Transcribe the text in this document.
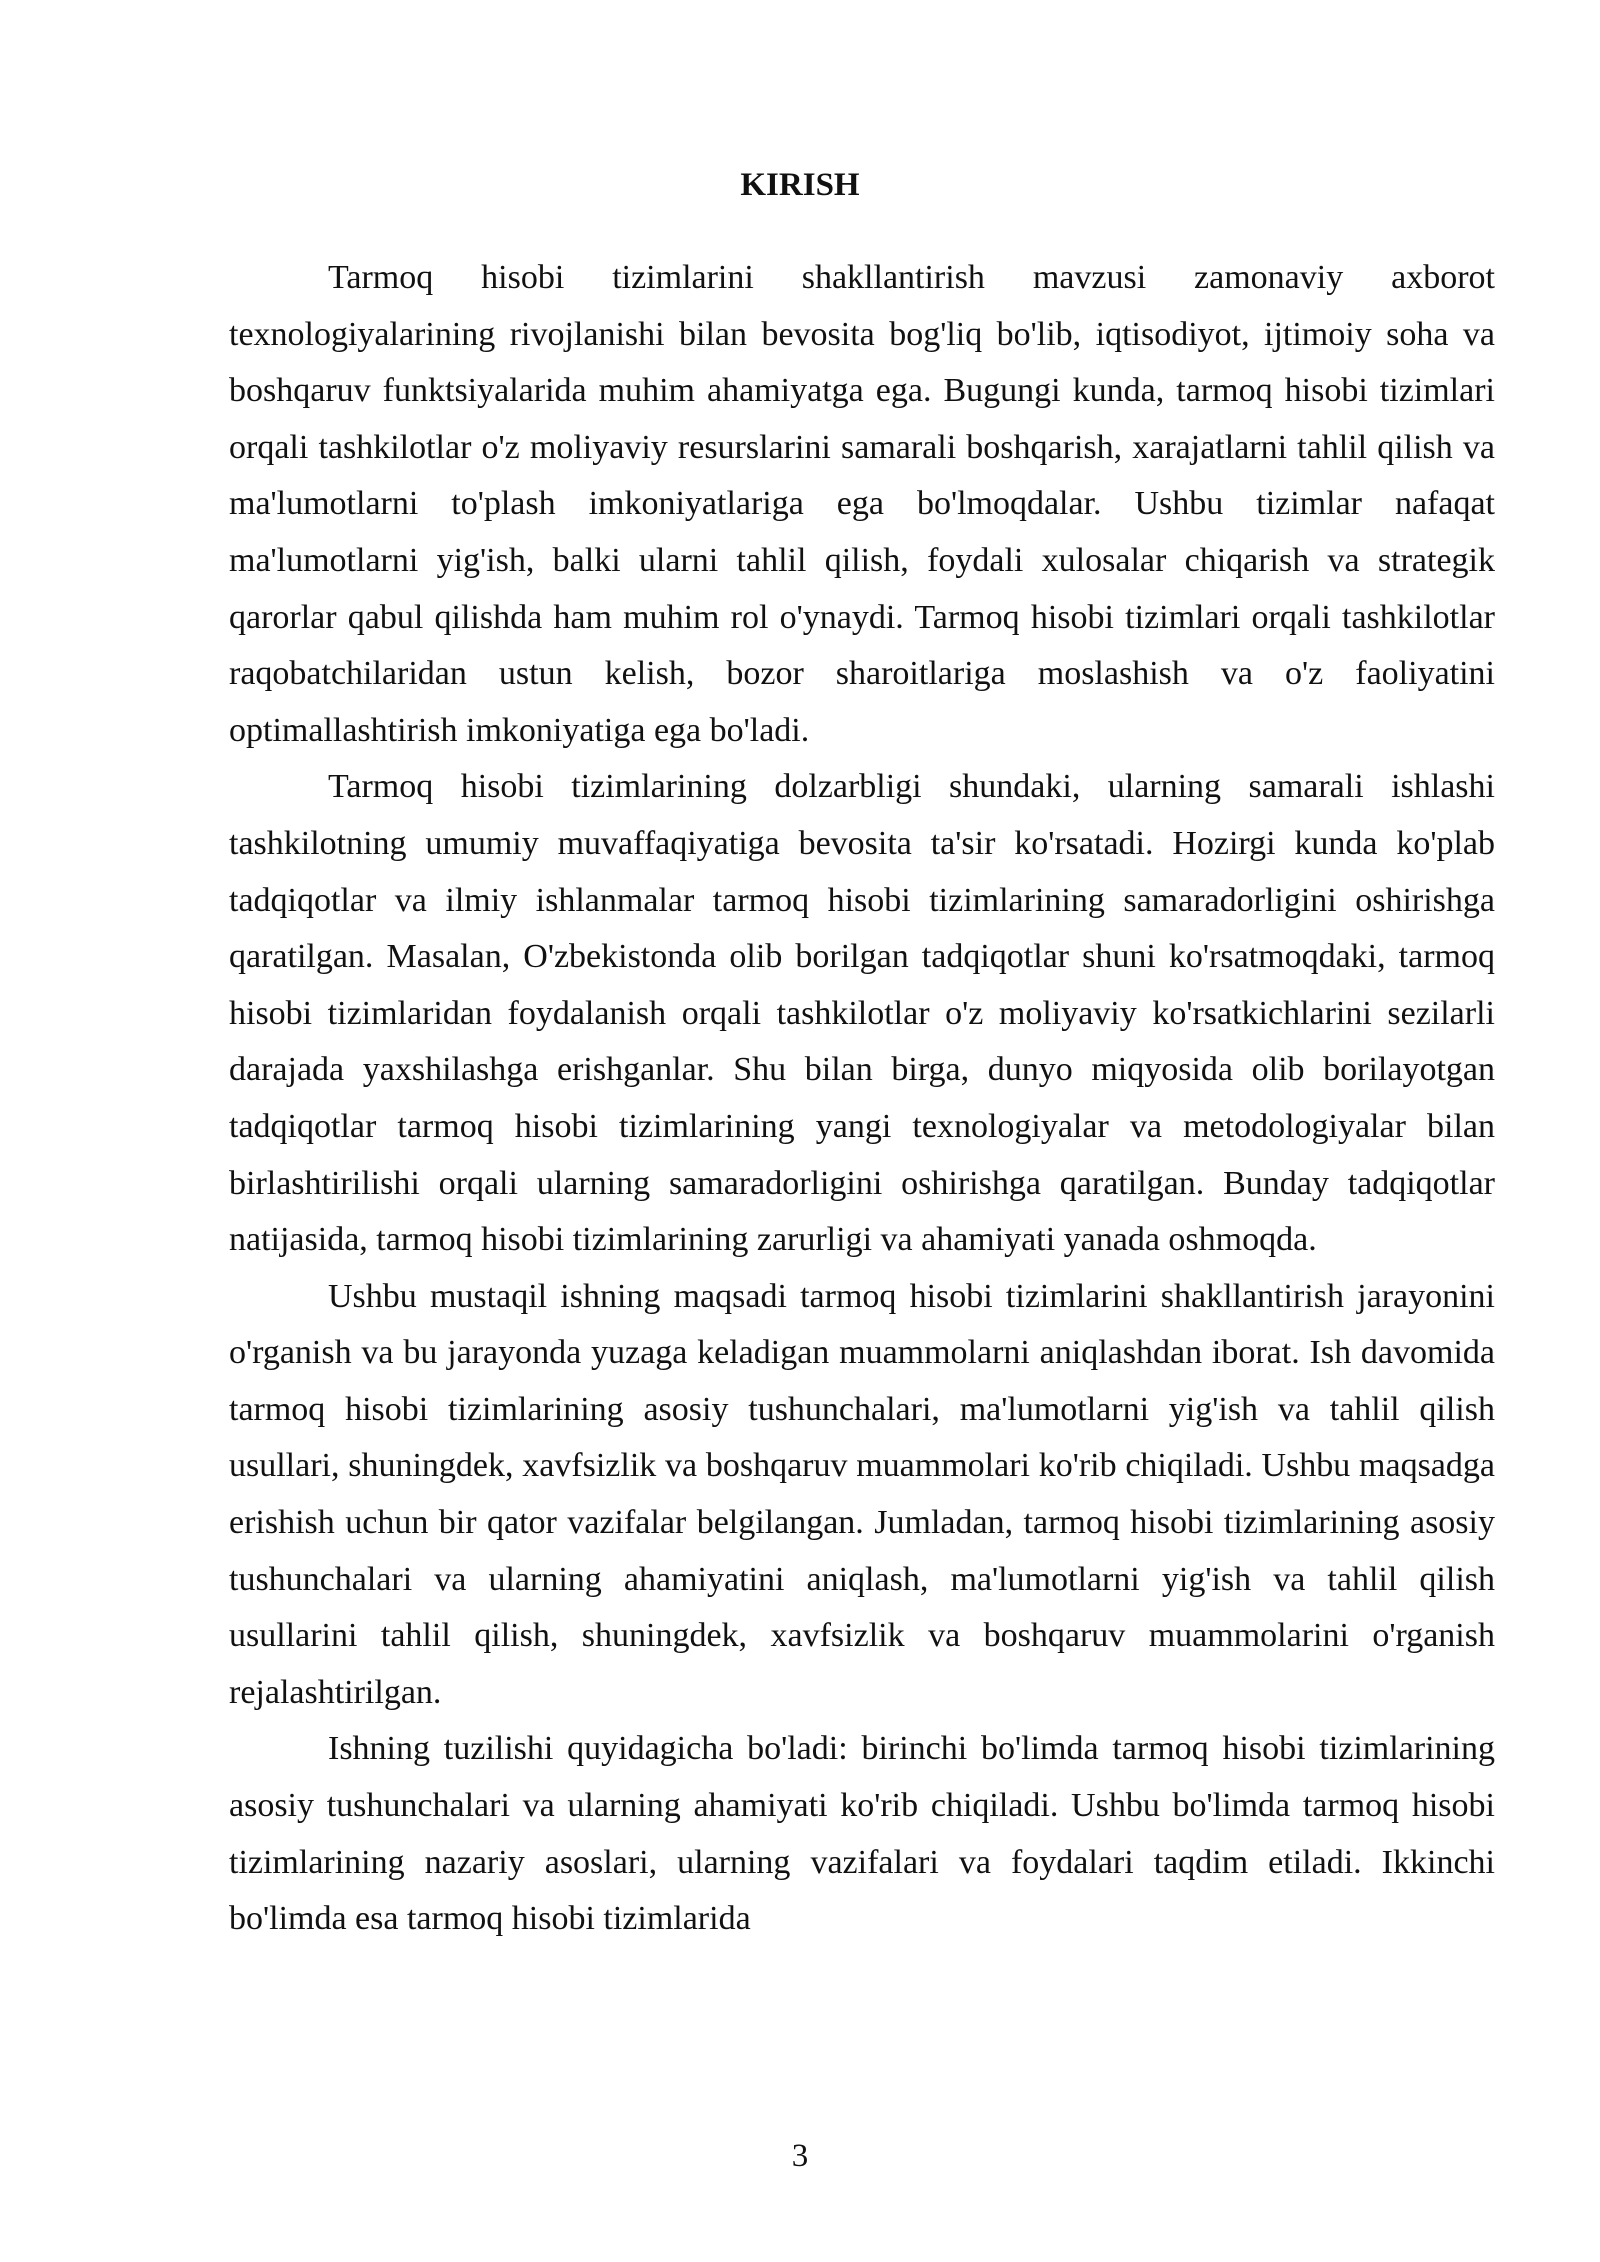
KIRISH

Tarmoq hisobi tizimlarini shakllantirish mavzusi zamonaviy axborot texnologiyalarining rivojlanishi bilan bevosita bog'liq bo'lib, iqtisodiyot, ijtimoiy soha va boshqaruv funktsiyalarida muhim ahamiyatga ega. Bugungi kunda, tarmoq hisobi tizimlari orqali tashkilotlar o'z moliyaviy resurslarini samarali boshqarish, xarajatlarni tahlil qilish va ma'lumotlarni to'plash imkoniyatlariga ega bo'lmoqdalar. Ushbu tizimlar nafaqat ma'lumotlarni yig'ish, balki ularni tahlil qilish, foydali xulosalar chiqarish va strategik qarorlar qabul qilishda ham muhim rol o'ynaydi. Tarmoq hisobi tizimlari orqali tashkilotlar raqobatchilaridan ustun kelish, bozor sharoitlariga moslashish va o'z faoliyatini optimallashtirish imkoniyatiga ega bo'ladi.

Tarmoq hisobi tizimlarining dolzarbligi shundaki, ularning samarali ishlashi tashkilotning umumiy muvaffaqiyatiga bevosita ta'sir ko'rsatadi. Hozirgi kunda ko'plab tadqiqotlar va ilmiy ishlanmalar tarmoq hisobi tizimlarining samaradorligini oshirishga qaratilgan. Masalan, O'zbekistonda olib borilgan tadqiqotlar shuni ko'rsatmoqdaki, tarmoq hisobi tizimlaridan foydalanish orqali tashkilotlar o'z moliyaviy ko'rsatkichlarini sezilarli darajada yaxshilashga erishganlar. Shu bilan birga, dunyo miqyosida olib borilayotgan tadqiqotlar tarmoq hisobi tizimlarining yangi texnologiyalar va metodologiyalar bilan birlashtirilishi orqali ularning samaradorligini oshirishga qaratilgan. Bunday tadqiqotlar natijasida, tarmoq hisobi tizimlarining zarurligi va ahamiyati yanada oshmoqda.

Ushbu mustaqil ishning maqsadi tarmoq hisobi tizimlarini shakllantirish jarayonini o'rganish va bu jarayonda yuzaga keladigan muammolarni aniqlashdan iborat. Ish davomida tarmoq hisobi tizimlarining asosiy tushunchalari, ma'lumotlarni yig'ish va tahlil qilish usullari, shuningdek, xavfsizlik va boshqaruv muammolari ko'rib chiqiladi. Ushbu maqsadga erishish uchun bir qator vazifalar belgilangan. Jumladan, tarmoq hisobi tizimlarining asosiy tushunchalari va ularning ahamiyatini aniqlash, ma'lumotlarni yig'ish va tahlil qilish usullarini tahlil qilish, shuningdek, xavfsizlik va boshqaruv muammolarini o'rganish rejalashtirilgan.

Ishning tuzilishi quyidagicha bo'ladi: birinchi bo'limda tarmoq hisobi tizimlarining asosiy tushunchalari va ularning ahamiyati ko'rib chiqiladi. Ushbu bo'limda tarmoq hisobi tizimlarining nazariy asoslari, ularning vazifalari va foydalari taqdim etiladi. Ikkinchi bo'limda esa tarmoq hisobi tizimlarida

3
